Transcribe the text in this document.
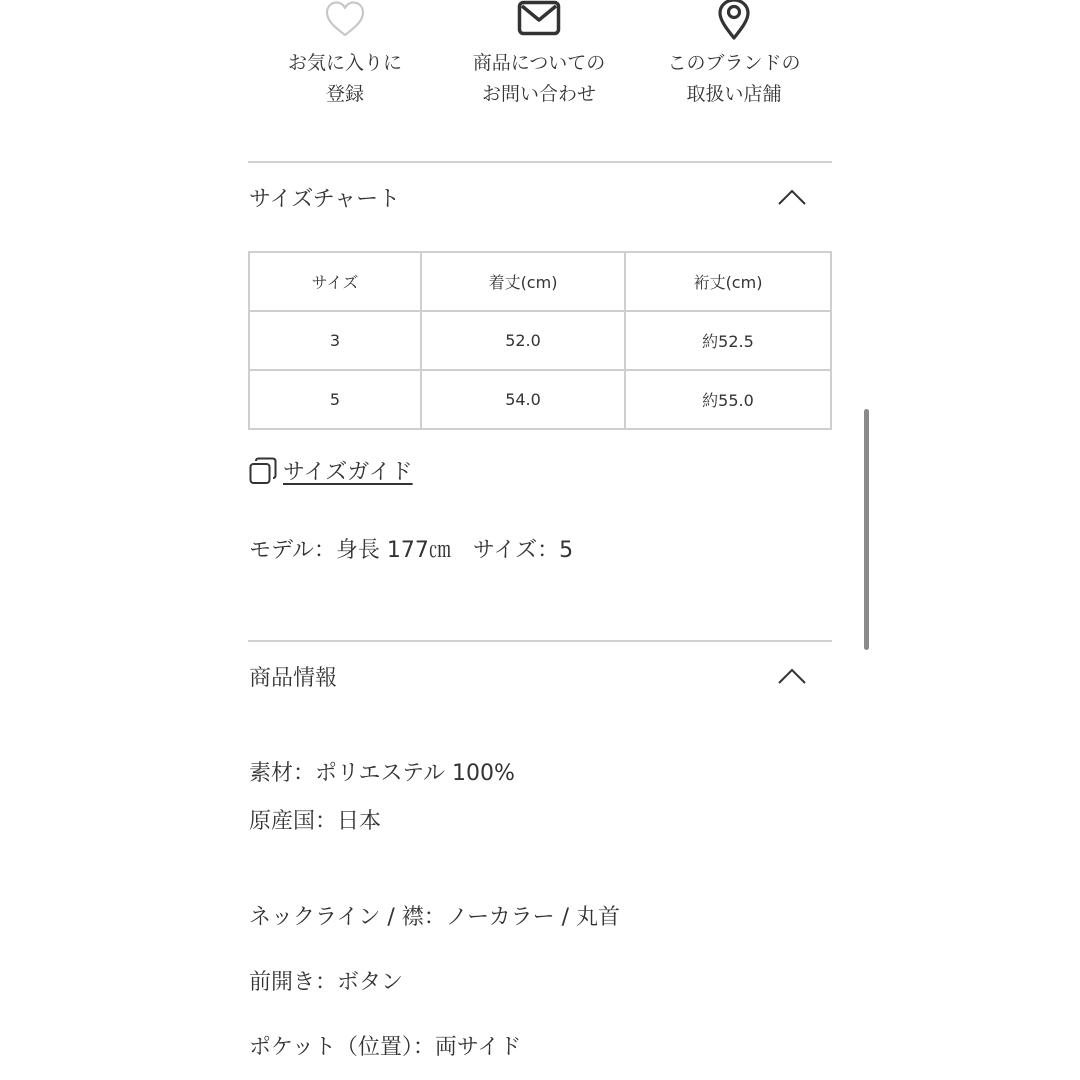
お気に入りに
登録
商品についての
お問い合わせ
このブランドの
取扱い店舗
サイズチャート
サイズ	着丈(cm)	裄丈(cm)
3	52.0	約52.5
5	54.0	約55.0
サイズガイド
モデル：身長 177㎝　サイズ：5
商品情報
素材：ポリエステル 100%
原産国：日本
ネックライン / 襟：ノーカラー / 丸首
前開き：ボタン
ポケット（位置）：両サイド
